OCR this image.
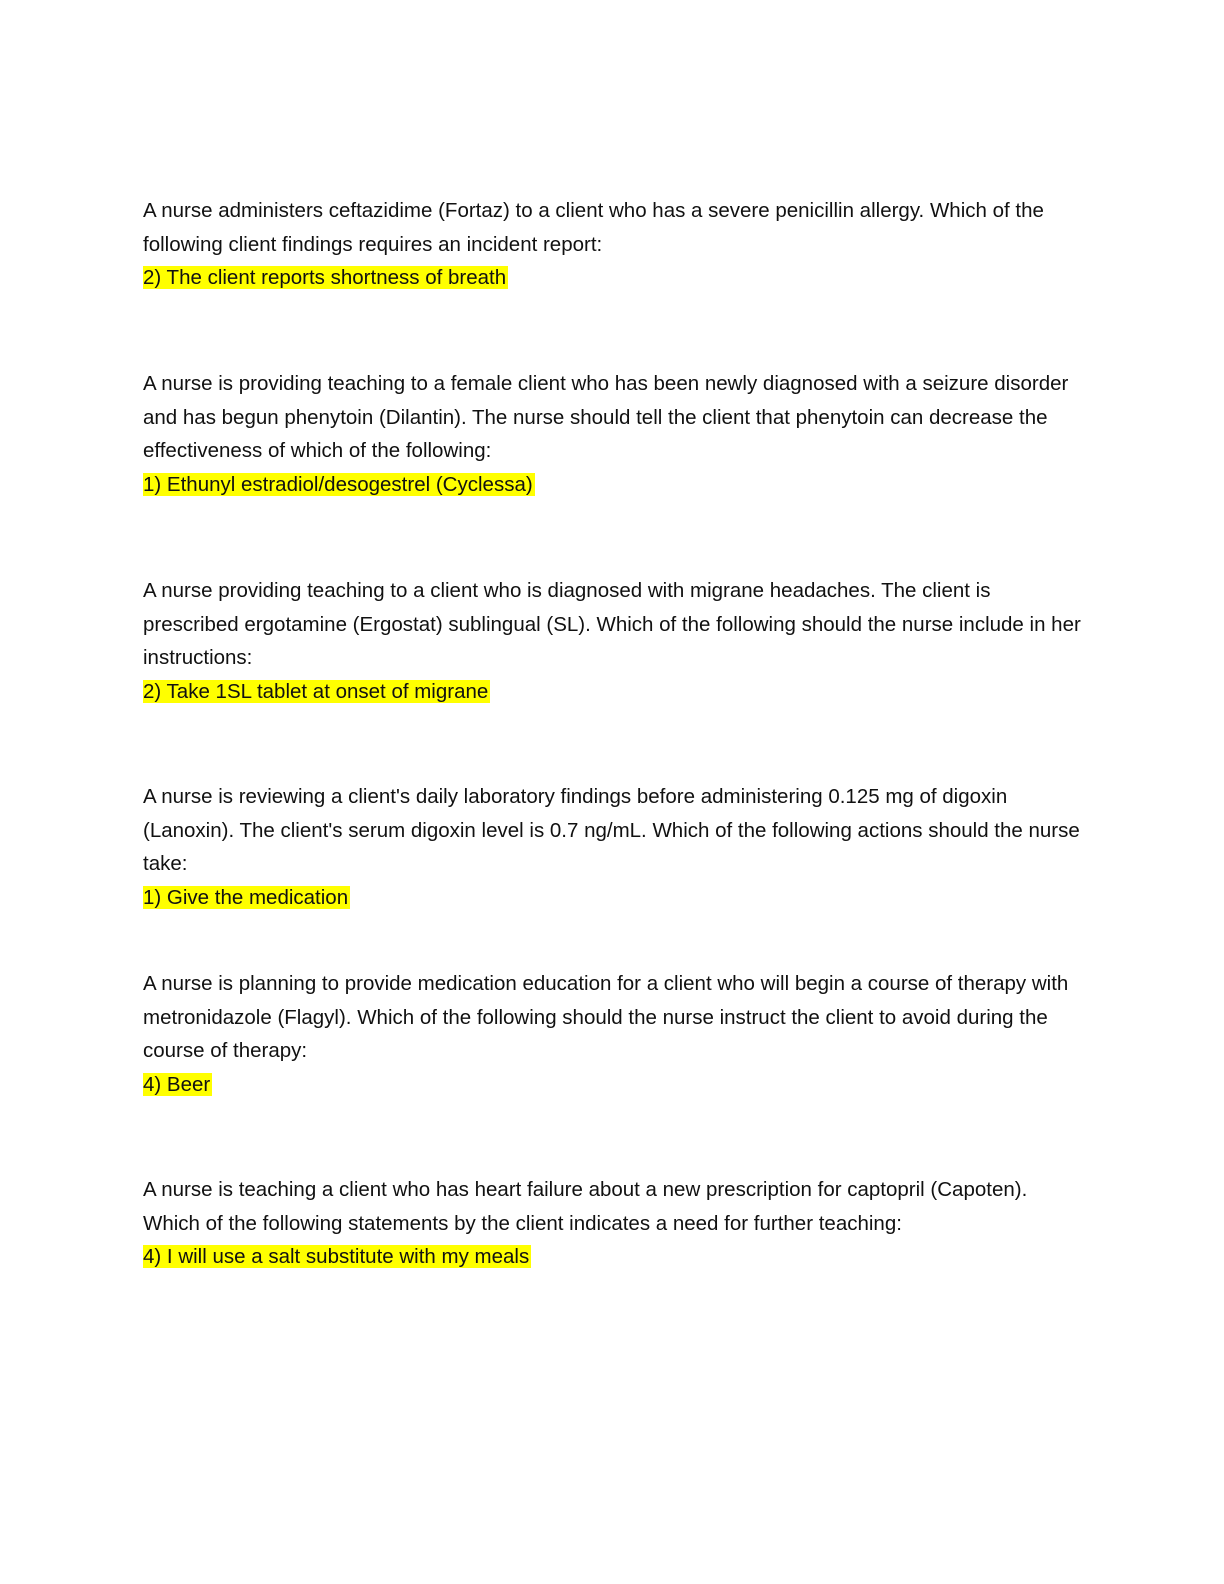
A nurse administers ceftazidime (Fortaz) to a client who has a severe penicillin allergy. Which of the following client findings requires an incident report:

2) The client reports shortness of breath

A nurse is providing teaching to a female client who has been newly diagnosed with a seizure disorder and has begun phenytoin (Dilantin). The nurse should tell the client that phenytoin can decrease the effectiveness of which of the following:

1) Ethunyl estradiol/desogestrel (Cyclessa)

A nurse providing teaching to a client who is diagnosed with migrane headaches. The client is prescribed ergotamine (Ergostat) sublingual (SL). Which of the following should the nurse include in her instructions:

2) Take 1SL tablet at onset of migrane

A nurse is reviewing a client's daily laboratory findings before administering 0.125 mg of digoxin (Lanoxin). The client's serum digoxin level is 0.7 ng/mL. Which of the following actions should the nurse take:

1) Give the medication

A nurse is planning to provide medication education for a client who will begin a course of therapy with metronidazole (Flagyl). Which of the following should the nurse instruct the client to avoid during the course of therapy:

4) Beer

A nurse is teaching a client who has heart failure about a new prescription for captopril (Capoten). Which of the following statements by the client indicates a need for further teaching:

4) I will use a salt substitute with my meals
